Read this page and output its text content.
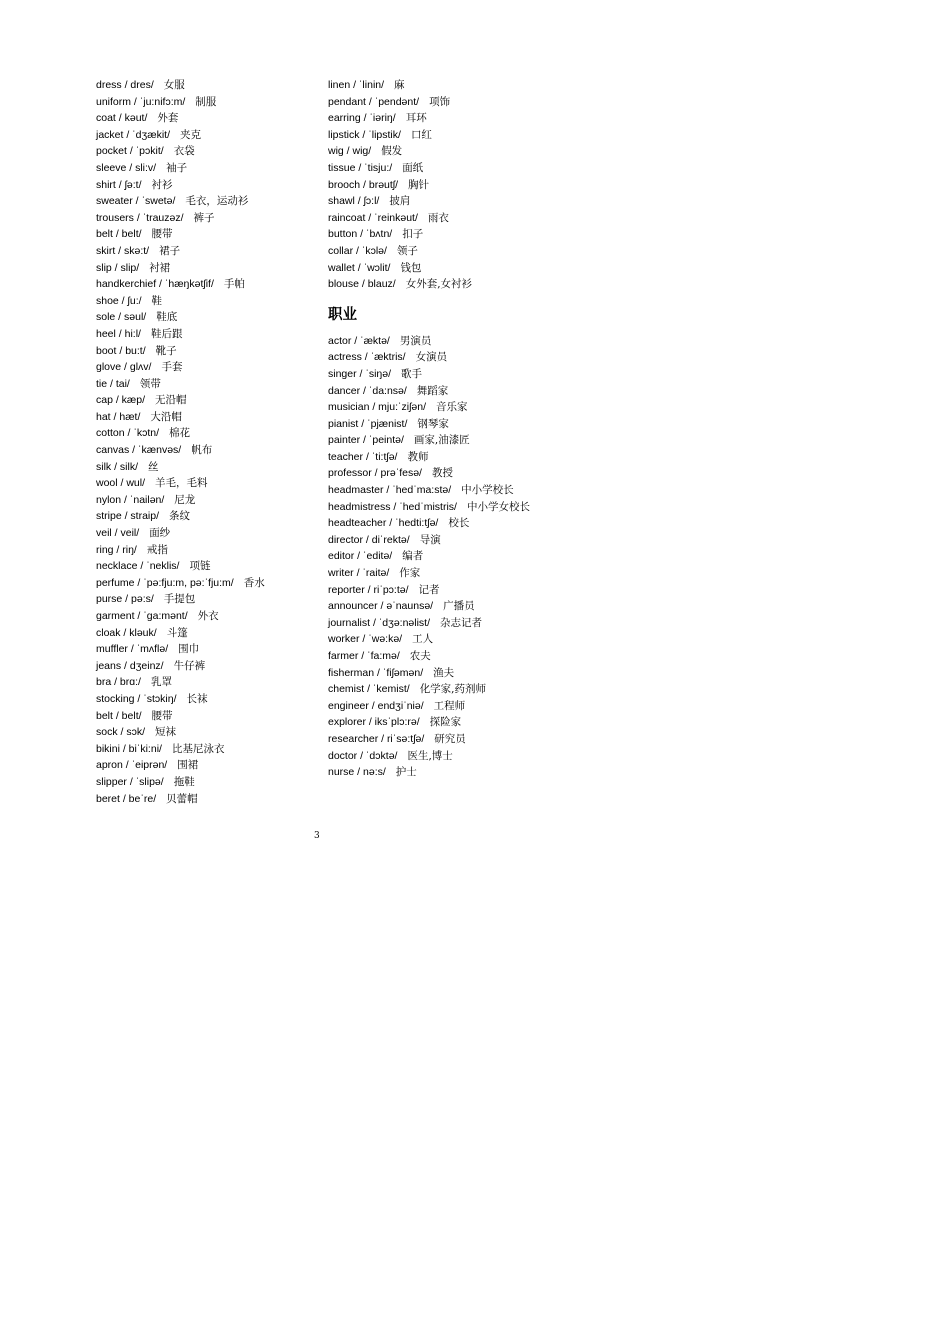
dress / dres/ 女服
uniform / ˈju:nifɔ:m/ 制服
coat / kəut/ 外套
jacket / ˈdʒækit/ 夹克
pocket / ˈpɔkit/ 衣袋
sleeve / sli:v/ 袖子
shirt / ʃə:t/ 衬衫
sweater / ˈswetə/ 毛衣，运动衫
trousers / ˈtrauzəz/ 裤子
belt / belt/ 腰带
skirt / skə:t/ 裙子
slip / slip/ 衬裙
handkerchief / ˈhæŋkətʃif/ 手帕
shoe / ʃu:/ 鞋
sole / səul/ 鞋底
heel / hi:l/ 鞋后跟
boot / bu:t/ 靴子
glove / glʌv/ 手套
tie / tai/ 领带
cap / kæp/ 无沿帽
hat / hæt/ 大沿帽
cotton / ˈkɔtn/ 棉花
canvas / ˈkænvəs/ 帆布
silk / silk/ 丝
wool / wul/ 羊毛，毛料
nylon / ˈnailən/ 尼龙
stripe / straip/ 条纹
veil / veil/ 面纱
ring / riŋ/ 戒指
necklace / ˈneklis/ 项链
perfume / ˈpə:fju:m, pə:ˈfju:m/ 香水
purse / pə:s/ 手提包
garment / ˈga:mənt/ 外衣
cloak / kləuk/ 斗篷
muffler / ˈmʌflə/ 围巾
jeans / dʒeinz/ 牛仔裤
bra / brɑ:/ 乳罩
stocking / ˈstɔkiŋ/ 长袜
belt / belt/ 腰带
sock / sɔk/ 短袜
bikini / biˈki:ni/ 比基尼泳衣
apron / ˈeiprən/ 围裙
slipper / ˈslipə/ 拖鞋
beret / beˈre/ 贝蕾帽
linen / ˈlinin/ 麻
pendant / ˈpendənt/ 项饰
earring / ˈiəriŋ/ 耳环
lipstick / ˈlipstik/ 口红
wig / wig/ 假发
tissue / ˈtisju:/ 面纸
brooch / brəutʃ/ 胸针
shawl / ʃɔ:l/ 披肩
raincoat / ˈreinkəut/ 雨衣
button / ˈbʌtn/ 扣子
collar / ˈkɔlə/ 领子
wallet / ˈwɔlit/ 钱包
blouse / blauz/ 女外套,女衬衫
职业
actor / ˈæktə/ 男演员
actress / ˈæktris/ 女演员
singer / ˈsiŋə/ 歌手
dancer / ˈda:nsə/ 舞蹈家
musician / mju:ˈziʃən/ 音乐家
pianist / ˈpjænist/ 钢琴家
painter / ˈpeintə/ 画家,油漆匠
teacher / ˈti:tʃə/ 教师
professor / prəˈfesə/ 教授
headmaster / ˈhedˈma:stə/ 中小学校长
headmistress / ˈhedˈmistris/ 中小学女校长
headteacher / ˈhedti:tʃə/ 校长
director / diˈrektə/ 导演
editor / ˈeditə/ 编者
writer / ˈraitə/ 作家
reporter / riˈpɔ:tə/ 记者
announcer / əˈnaunsə/ 广播员
journalist / ˈdʒə:nəlist/ 杂志记者
worker / ˈwə:kə/ 工人
farmer / ˈfa:mə/ 农夫
fisherman / ˈfiʃəmən/ 渔夫
chemist / ˈkemist/ 化学家,药剂师
engineer / endʒiˈniə/ 工程师
explorer / iksˈplɔ:rə/ 探险家
researcher / riˈsə:tʃə/ 研究员
doctor / ˈdɔktə/ 医生,博士
nurse / nə:s/ 护士
3
